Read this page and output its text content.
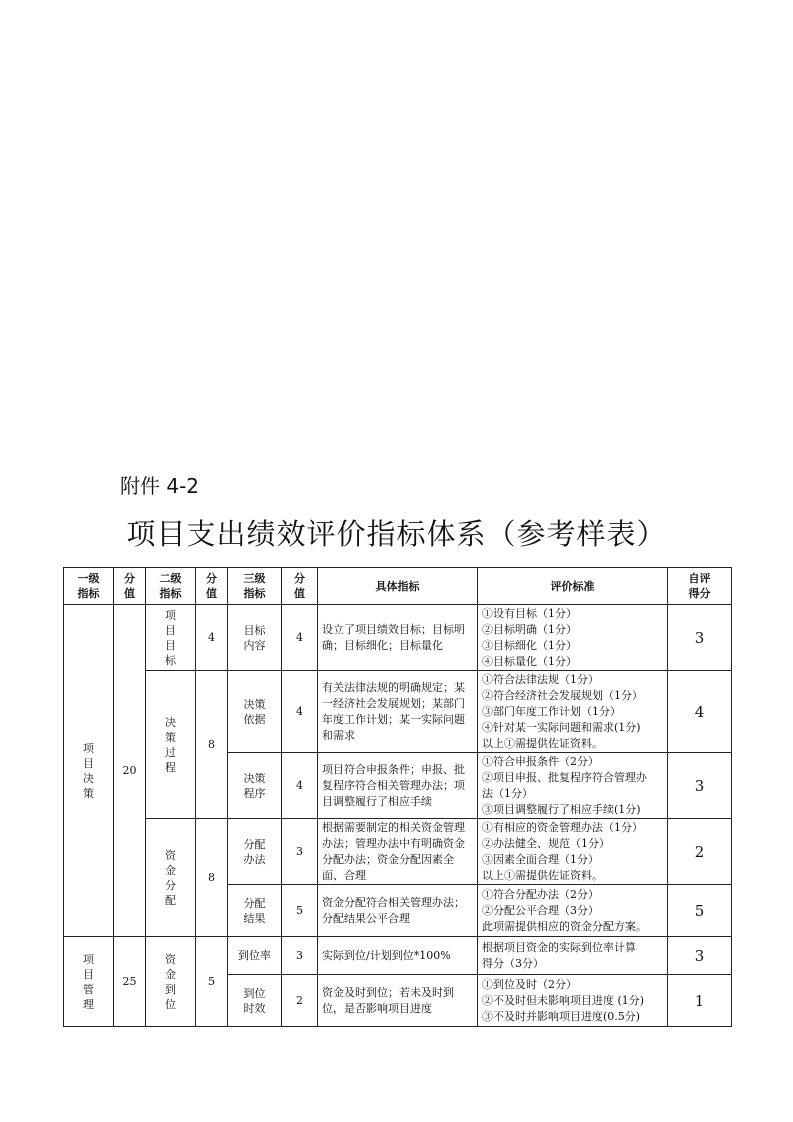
附件 4-2
项目支出绩效评价指标体系（参考样表）
一级指标	分值	二级指标	分值	三级指标	分值	具体指标	评价标准	自评得分

项目决策	20	项目目标	4	目标内容	4	设立了项目绩效目标；目标明确；目标细化；目标量化	①设有目标（1分）
②目标明确（1分）
③目标细化（1分）
④目标量化（1分）	3

		决策过程	8	决策依据	4	有关法律法规的明确规定；某一经济社会发展规划；某部门年度工作计划；某一实际问题和需求	①符合法律法规（1分）
②符合经济社会发展规划（1分）
③部门年度工作计划（1分）
④针对某一实际问题和需求(1分)
以上①需提供佐证资料。	4

				决策程序	4	项目符合申报条件；申报、批复程序符合相关管理办法；项目调整履行了相应手续	①符合申报条件（2分）
②项目申报、批复程序符合管理办
法（1分）
③项目调整履行了相应手续(1分)	3

		资金分配	8	分配办法	3	根据需要制定的相关资金管理办法；管理办法中有明确资金分配办法；资金分配因素全面、合理	①有相应的资金管理办法（1分）
②办法健全、规范（1分）
③因素全面合理（1分）
以上①需提供佐证资料。	2

				分配结果	5	资金分配符合相关管理办法；分配结果公平合理	①符合分配办法（2分）
②分配公平合理（3分）
此项需提供相应的资金分配方案。	5

项目管理	25	资金到位	5	到位率	3	实际到位/计划到位*100%	根据项目资金的实际到位率计算
得分（3分）	3

				到位时效	2	资金及时到位；若未及时到位，是否影响项目进度	①到位及时（2分）
②不及时但未影响项目进度 (1分)
③不及时并影响项目进度(0.5分)	1
